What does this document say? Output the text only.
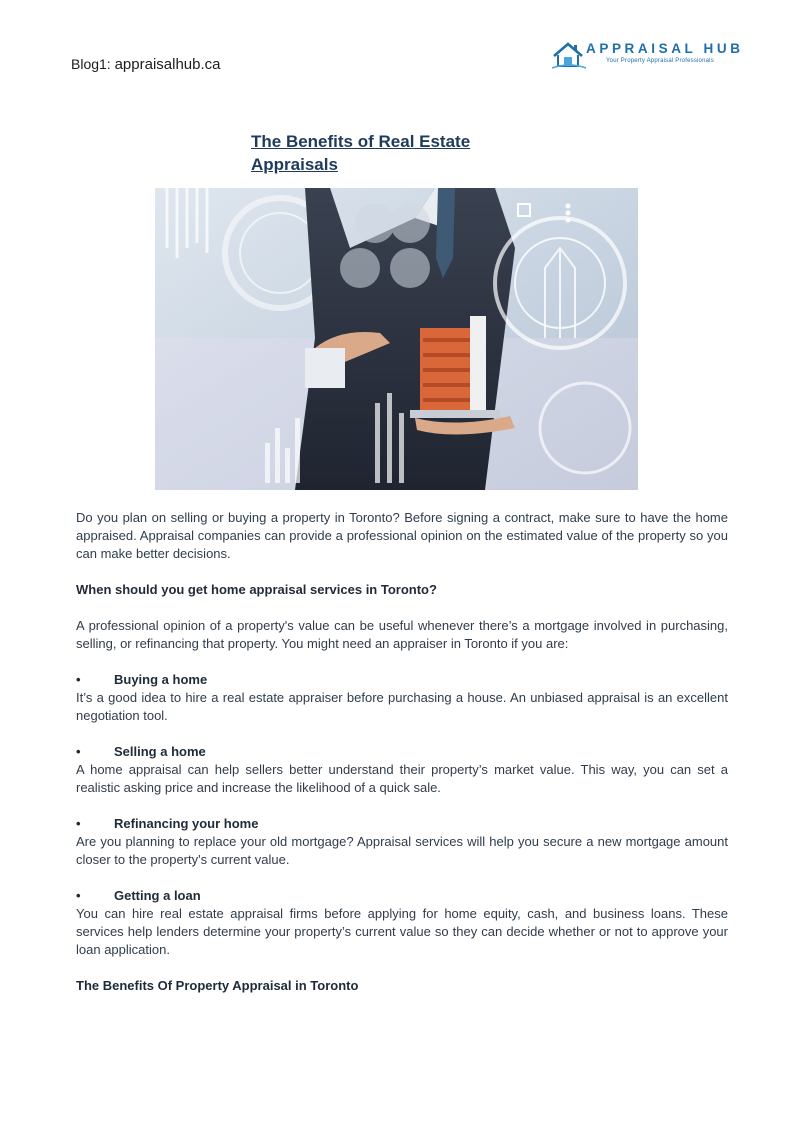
Blog1: appraisalhub.ca
APPRAISAL HUB
Your Property Appraisal Professionals
The Benefits of Real Estate Appraisals

Do you plan on selling or buying a property in Toronto? Before signing a contract, make sure to have the home appraised. Appraisal companies can provide a professional opinion on the estimated value of the property so you can make better decisions.

When should you get home appraisal services in Toronto?

A professional opinion of a property's value can be useful whenever there’s a mortgage involved in purchasing, selling, or refinancing that property. You might need an appraiser in Toronto if you are:

•	Buying a home

It’s a good idea to hire a real estate appraiser before purchasing a house. An unbiased appraisal is an excellent negotiation tool.

•	Selling a home

A home appraisal can help sellers better understand their property’s market value. This way, you can set a realistic asking price and increase the likelihood of a quick sale.

•	Refinancing your home

Are you planning to replace your old mortgage? Appraisal services will help you secure a new mortgage amount closer to the property's current value.

•	Getting a loan

You can hire real estate appraisal firms before applying for home equity, cash, and business loans. These services help lenders determine your property’s current value so they can decide whether or not to approve your loan application.

The Benefits Of Property Appraisal in Toronto
